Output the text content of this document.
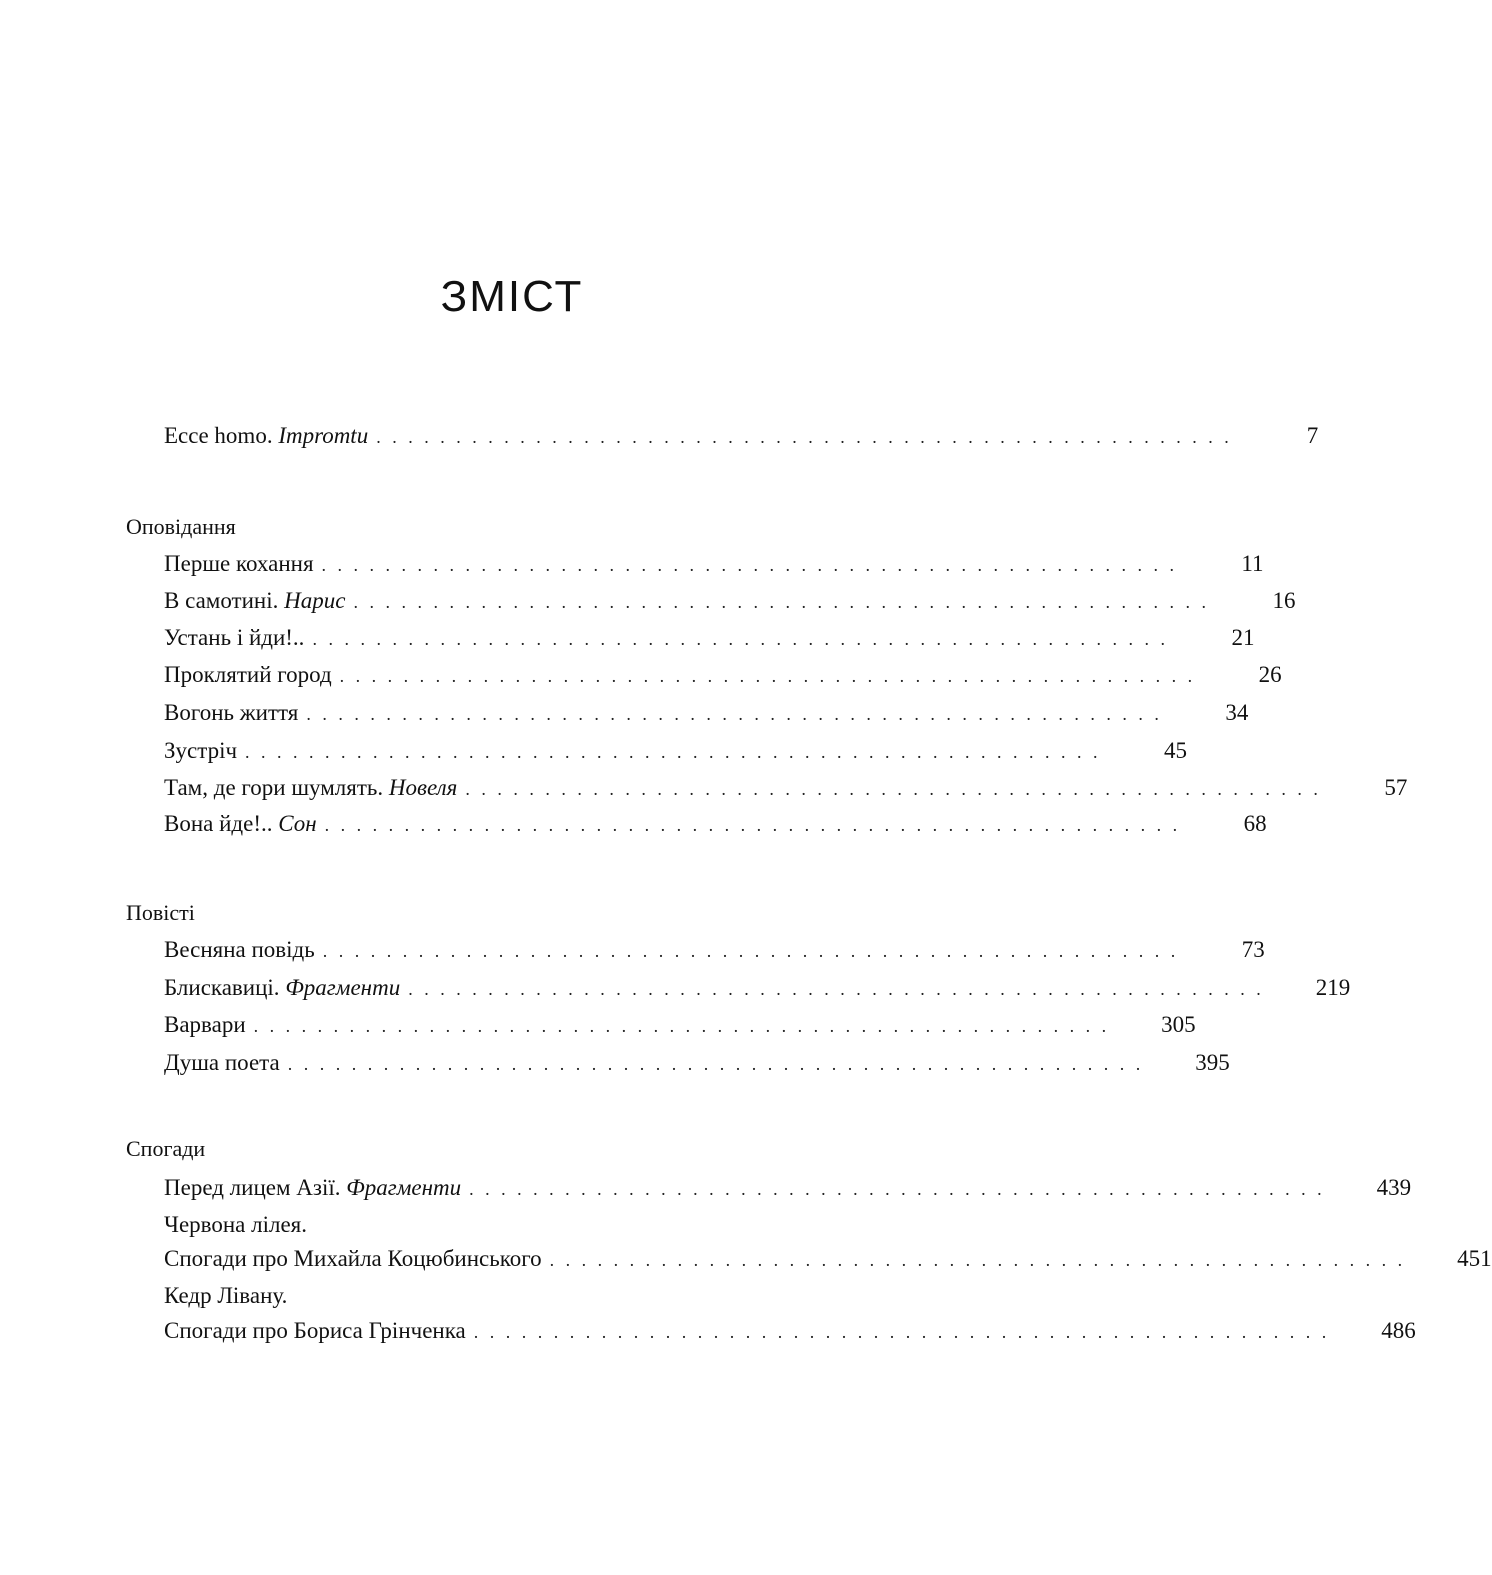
ЗМІСТ
Ecce homo. Impromtu . . . . . . . . . . . . . . . . . . . . . . . . . . . . . . . . . . . . . . . . . . . . . . . . . . . . . .	7
Оповідання
Перше кохання . . . . . . . . . . . . . . . . . . . . . . . . . . . . . . . . . . . . . . . . . . . . . . . . . . . . . .	11
В самотині. Нарис . . . . . . . . . . . . . . . . . . . . . . . . . . . . . . . . . . . . . . . . . . . . . . . . . . . . . .	16
Устань і йди!.. . . . . . . . . . . . . . . . . . . . . . . . . . . . . . . . . . . . . . . . . . . . . . . . . . . . . . .	21
Проклятий город . . . . . . . . . . . . . . . . . . . . . . . . . . . . . . . . . . . . . . . . . . . . . . . . . . . . . .	26
Вогонь життя . . . . . . . . . . . . . . . . . . . . . . . . . . . . . . . . . . . . . . . . . . . . . . . . . . . . . .	34
Зустріч . . . . . . . . . . . . . . . . . . . . . . . . . . . . . . . . . . . . . . . . . . . . . . . . . . . . . .	45
Там, де гори шумлять. Новеля . . . . . . . . . . . . . . . . . . . . . . . . . . . . . . . . . . . . . . . . . . . . . . . . . . . . . .	57
Вона йде!.. Сон . . . . . . . . . . . . . . . . . . . . . . . . . . . . . . . . . . . . . . . . . . . . . . . . . . . . . .	68
Повісті
Весняна повідь . . . . . . . . . . . . . . . . . . . . . . . . . . . . . . . . . . . . . . . . . . . . . . . . . . . . . .	73
Блискавиці. Фрагменти . . . . . . . . . . . . . . . . . . . . . . . . . . . . . . . . . . . . . . . . . . . . . . . . . . . . . .	219
Варвари . . . . . . . . . . . . . . . . . . . . . . . . . . . . . . . . . . . . . . . . . . . . . . . . . . . . . .	305
Душа поета . . . . . . . . . . . . . . . . . . . . . . . . . . . . . . . . . . . . . . . . . . . . . . . . . . . . . .	395
Спогади
Перед лицем Азії. Фрагменти . . . . . . . . . . . . . . . . . . . . . . . . . . . . . . . . . . . . . . . . . . . . . . . . . . . . . .	439
Червона лілея.
Спогади про Михайла Коцюбинського . . . . . . . . . . . . . . . . . . . . . . . . . . . . . . . . . . . . . . . . . . . . . . . . . . . . . .	451
Кедр Лівану.
Спогади про Бориса Грінченка . . . . . . . . . . . . . . . . . . . . . . . . . . . . . . . . . . . . . . . . . . . . . . . . . . . . . .	486
